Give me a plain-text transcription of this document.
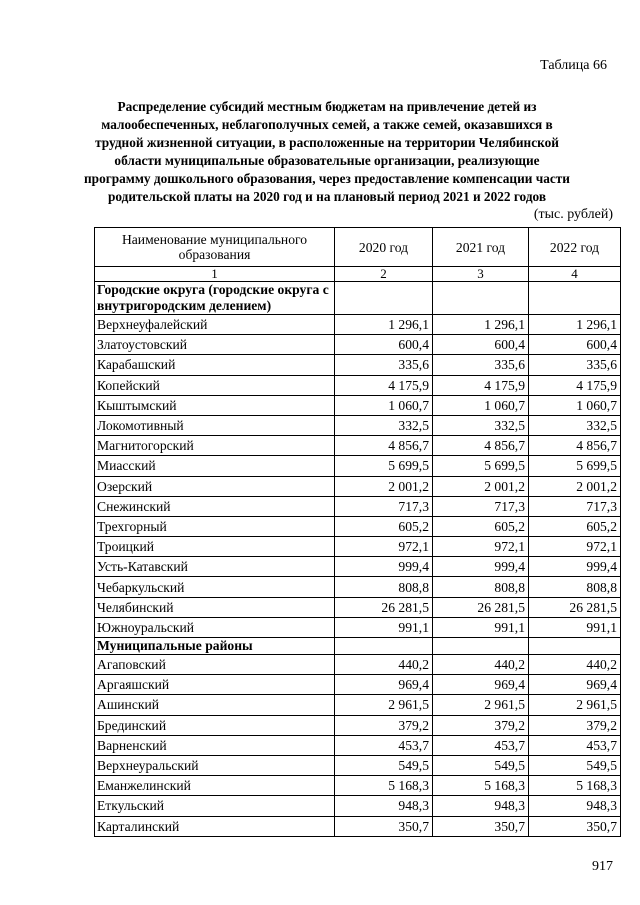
Таблица 66
Распределение субсидий местным бюджетам на привлечение детей из малообеспеченных, неблагополучных семей, а также семей, оказавшихся в трудной жизненной ситуации, в расположенные на территории Челябинской области муниципальные образовательные организации, реализующие программу дошкольного образования, через предоставление компенсации части родительской платы на 2020 год и на плановый период 2021 и 2022 годов
(тыс. рублей)
Наименование муниципального образования	2020 год	2021 год	2022 год
1	2	3	4
Городские округа (городские округа с внутригородским делением)			
Верхнеуфалейский	1 296,1	1 296,1	1 296,1
Златоустовский	600,4	600,4	600,4
Карабашский	335,6	335,6	335,6
Копейский	4 175,9	4 175,9	4 175,9
Кыштымский	1 060,7	1 060,7	1 060,7
Локомотивный	332,5	332,5	332,5
Магнитогорский	4 856,7	4 856,7	4 856,7
Миасский	5 699,5	5 699,5	5 699,5
Озерский	2 001,2	2 001,2	2 001,2
Снежинский	717,3	717,3	717,3
Трехгорный	605,2	605,2	605,2
Троицкий	972,1	972,1	972,1
Усть-Катавский	999,4	999,4	999,4
Чебаркульский	808,8	808,8	808,8
Челябинский	26 281,5	26 281,5	26 281,5
Южноуральский	991,1	991,1	991,1
Муниципальные районы			
Агаповский	440,2	440,2	440,2
Аргаяшский	969,4	969,4	969,4
Ашинский	2 961,5	2 961,5	2 961,5
Брединский	379,2	379,2	379,2
Варненский	453,7	453,7	453,7
Верхнеуральский	549,5	549,5	549,5
Еманжелинский	5 168,3	5 168,3	5 168,3
Еткульский	948,3	948,3	948,3
Карталинский	350,7	350,7	350,7
917
